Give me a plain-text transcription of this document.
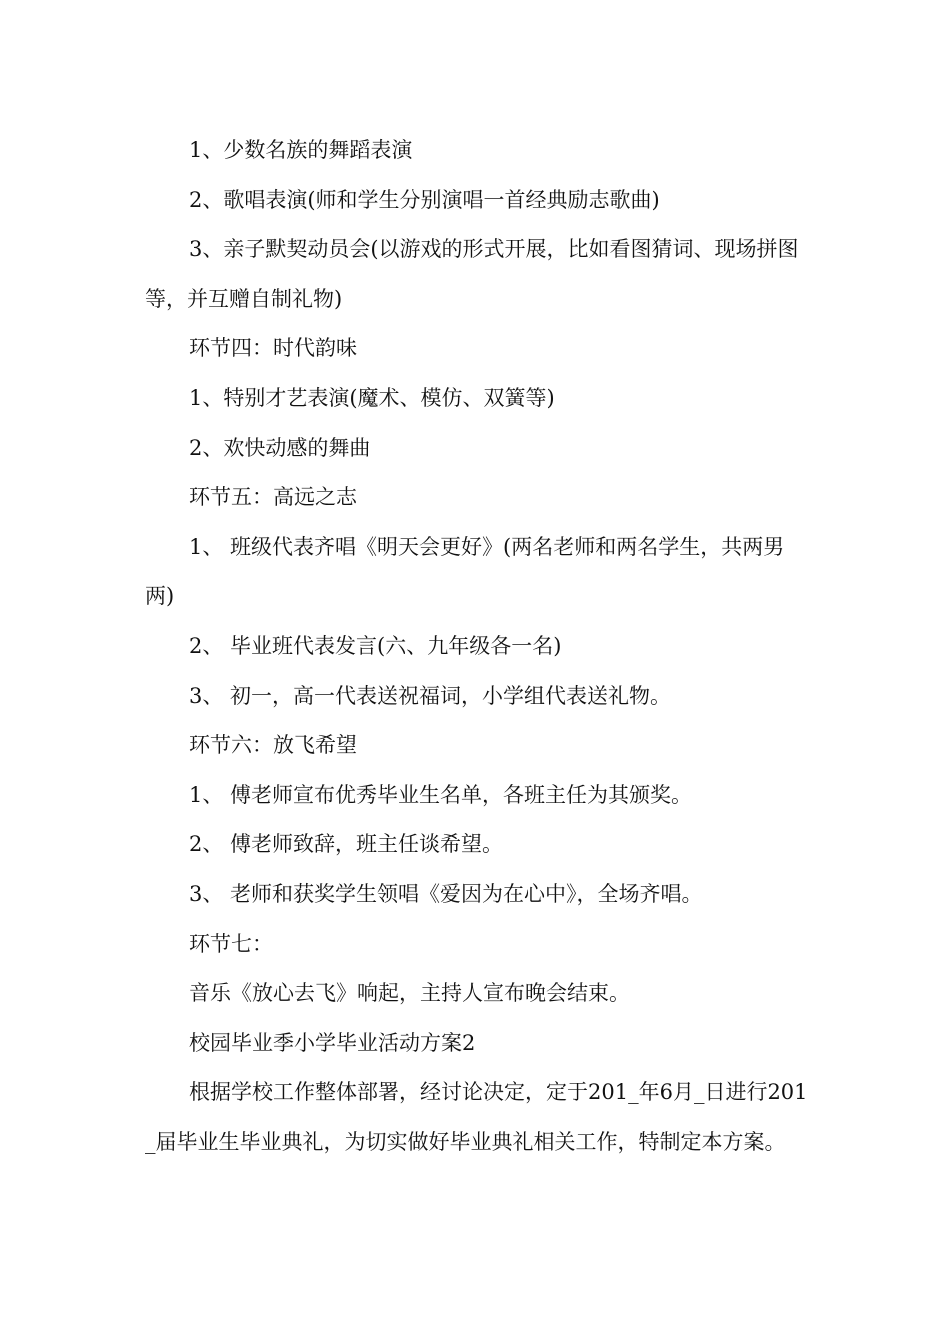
1、少数名族的舞蹈表演

2、歌唱表演(师和学生分别演唱一首经典励志歌曲)

3、亲子默契动员会(以游戏的形式开展，比如看图猜词、现场拼图等，并互赠自制礼物)

环节四：时代韵味

1、特别才艺表演(魔术、模仿、双簧等)

2、欢快动感的舞曲

环节五：高远之志

1、 班级代表齐唱《明天会更好》(两名老师和两名学生，共两男两)

2、 毕业班代表发言(六、九年级各一名)

3、 初一，高一代表送祝福词，小学组代表送礼物。

环节六：放飞希望

1、 傅老师宣布优秀毕业生名单，各班主任为其颁奖。

2、 傅老师致辞，班主任谈希望。

3、 老师和获奖学生领唱《爱因为在心中》，全场齐唱。

环节七：

音乐《放心去飞》响起，主持人宣布晚会结束。

校园毕业季小学毕业活动方案2

根据学校工作整体部署，经讨论决定，定于201_年6月_日进行201_届毕业生毕业典礼，为切实做好毕业典礼相关工作，特制定本方案。
